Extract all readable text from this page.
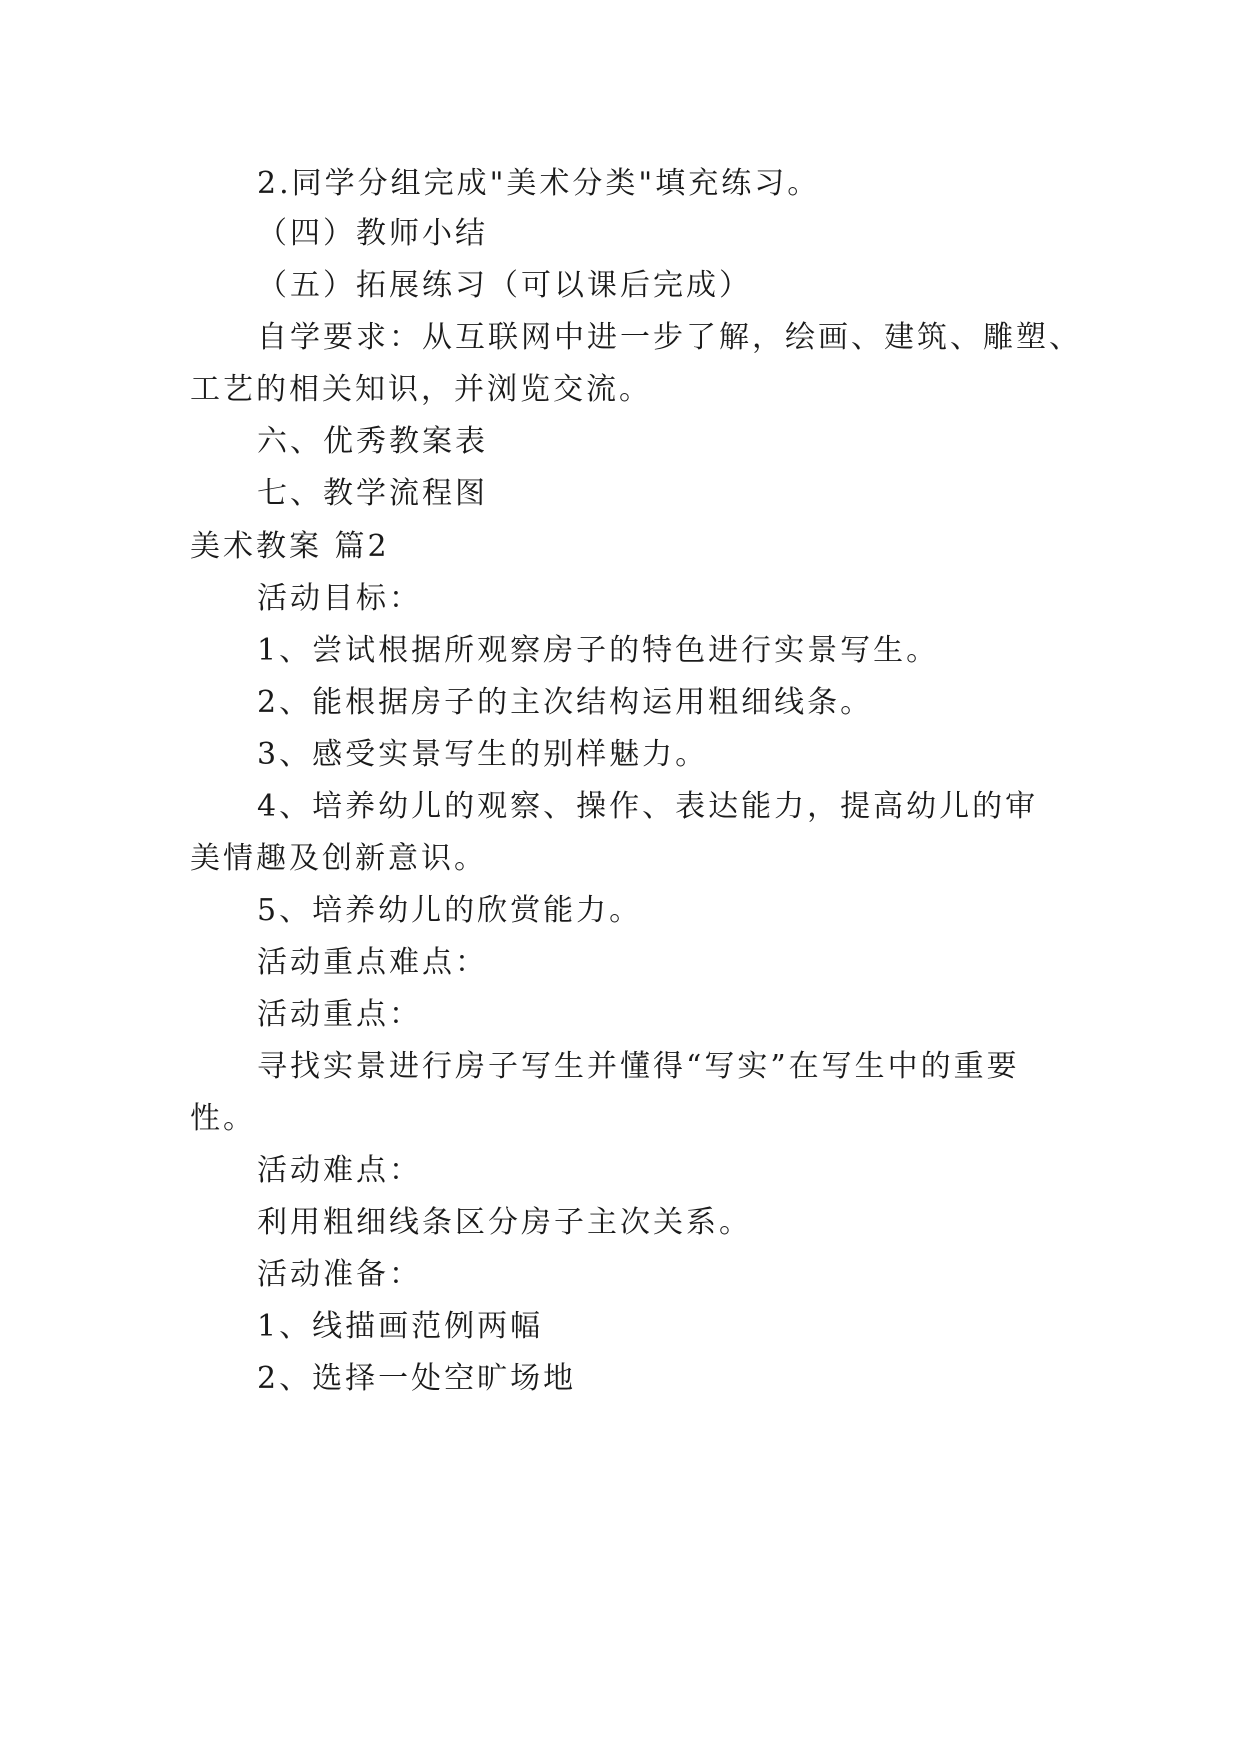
2.同学分组完成"美术分类"填充练习。
（四）教师小结
（五）拓展练习（可以课后完成）
自学要求：从互联网中进一步了解，绘画、建筑、雕塑、
工艺的相关知识，并浏览交流。
六、优秀教案表
七、教学流程图
美术教案 篇2
活动目标：
1、尝试根据所观察房子的特色进行实景写生。
2、能根据房子的主次结构运用粗细线条。
3、感受实景写生的别样魅力。
4、培养幼儿的观察、操作、表达能力，提高幼儿的审
美情趣及创新意识。
5、培养幼儿的欣赏能力。
活动重点难点：
活动重点：
寻找实景进行房子写生并懂得“写实”在写生中的重要
性。
活动难点：
利用粗细线条区分房子主次关系。
活动准备：
1、线描画范例两幅
2、选择一处空旷场地
